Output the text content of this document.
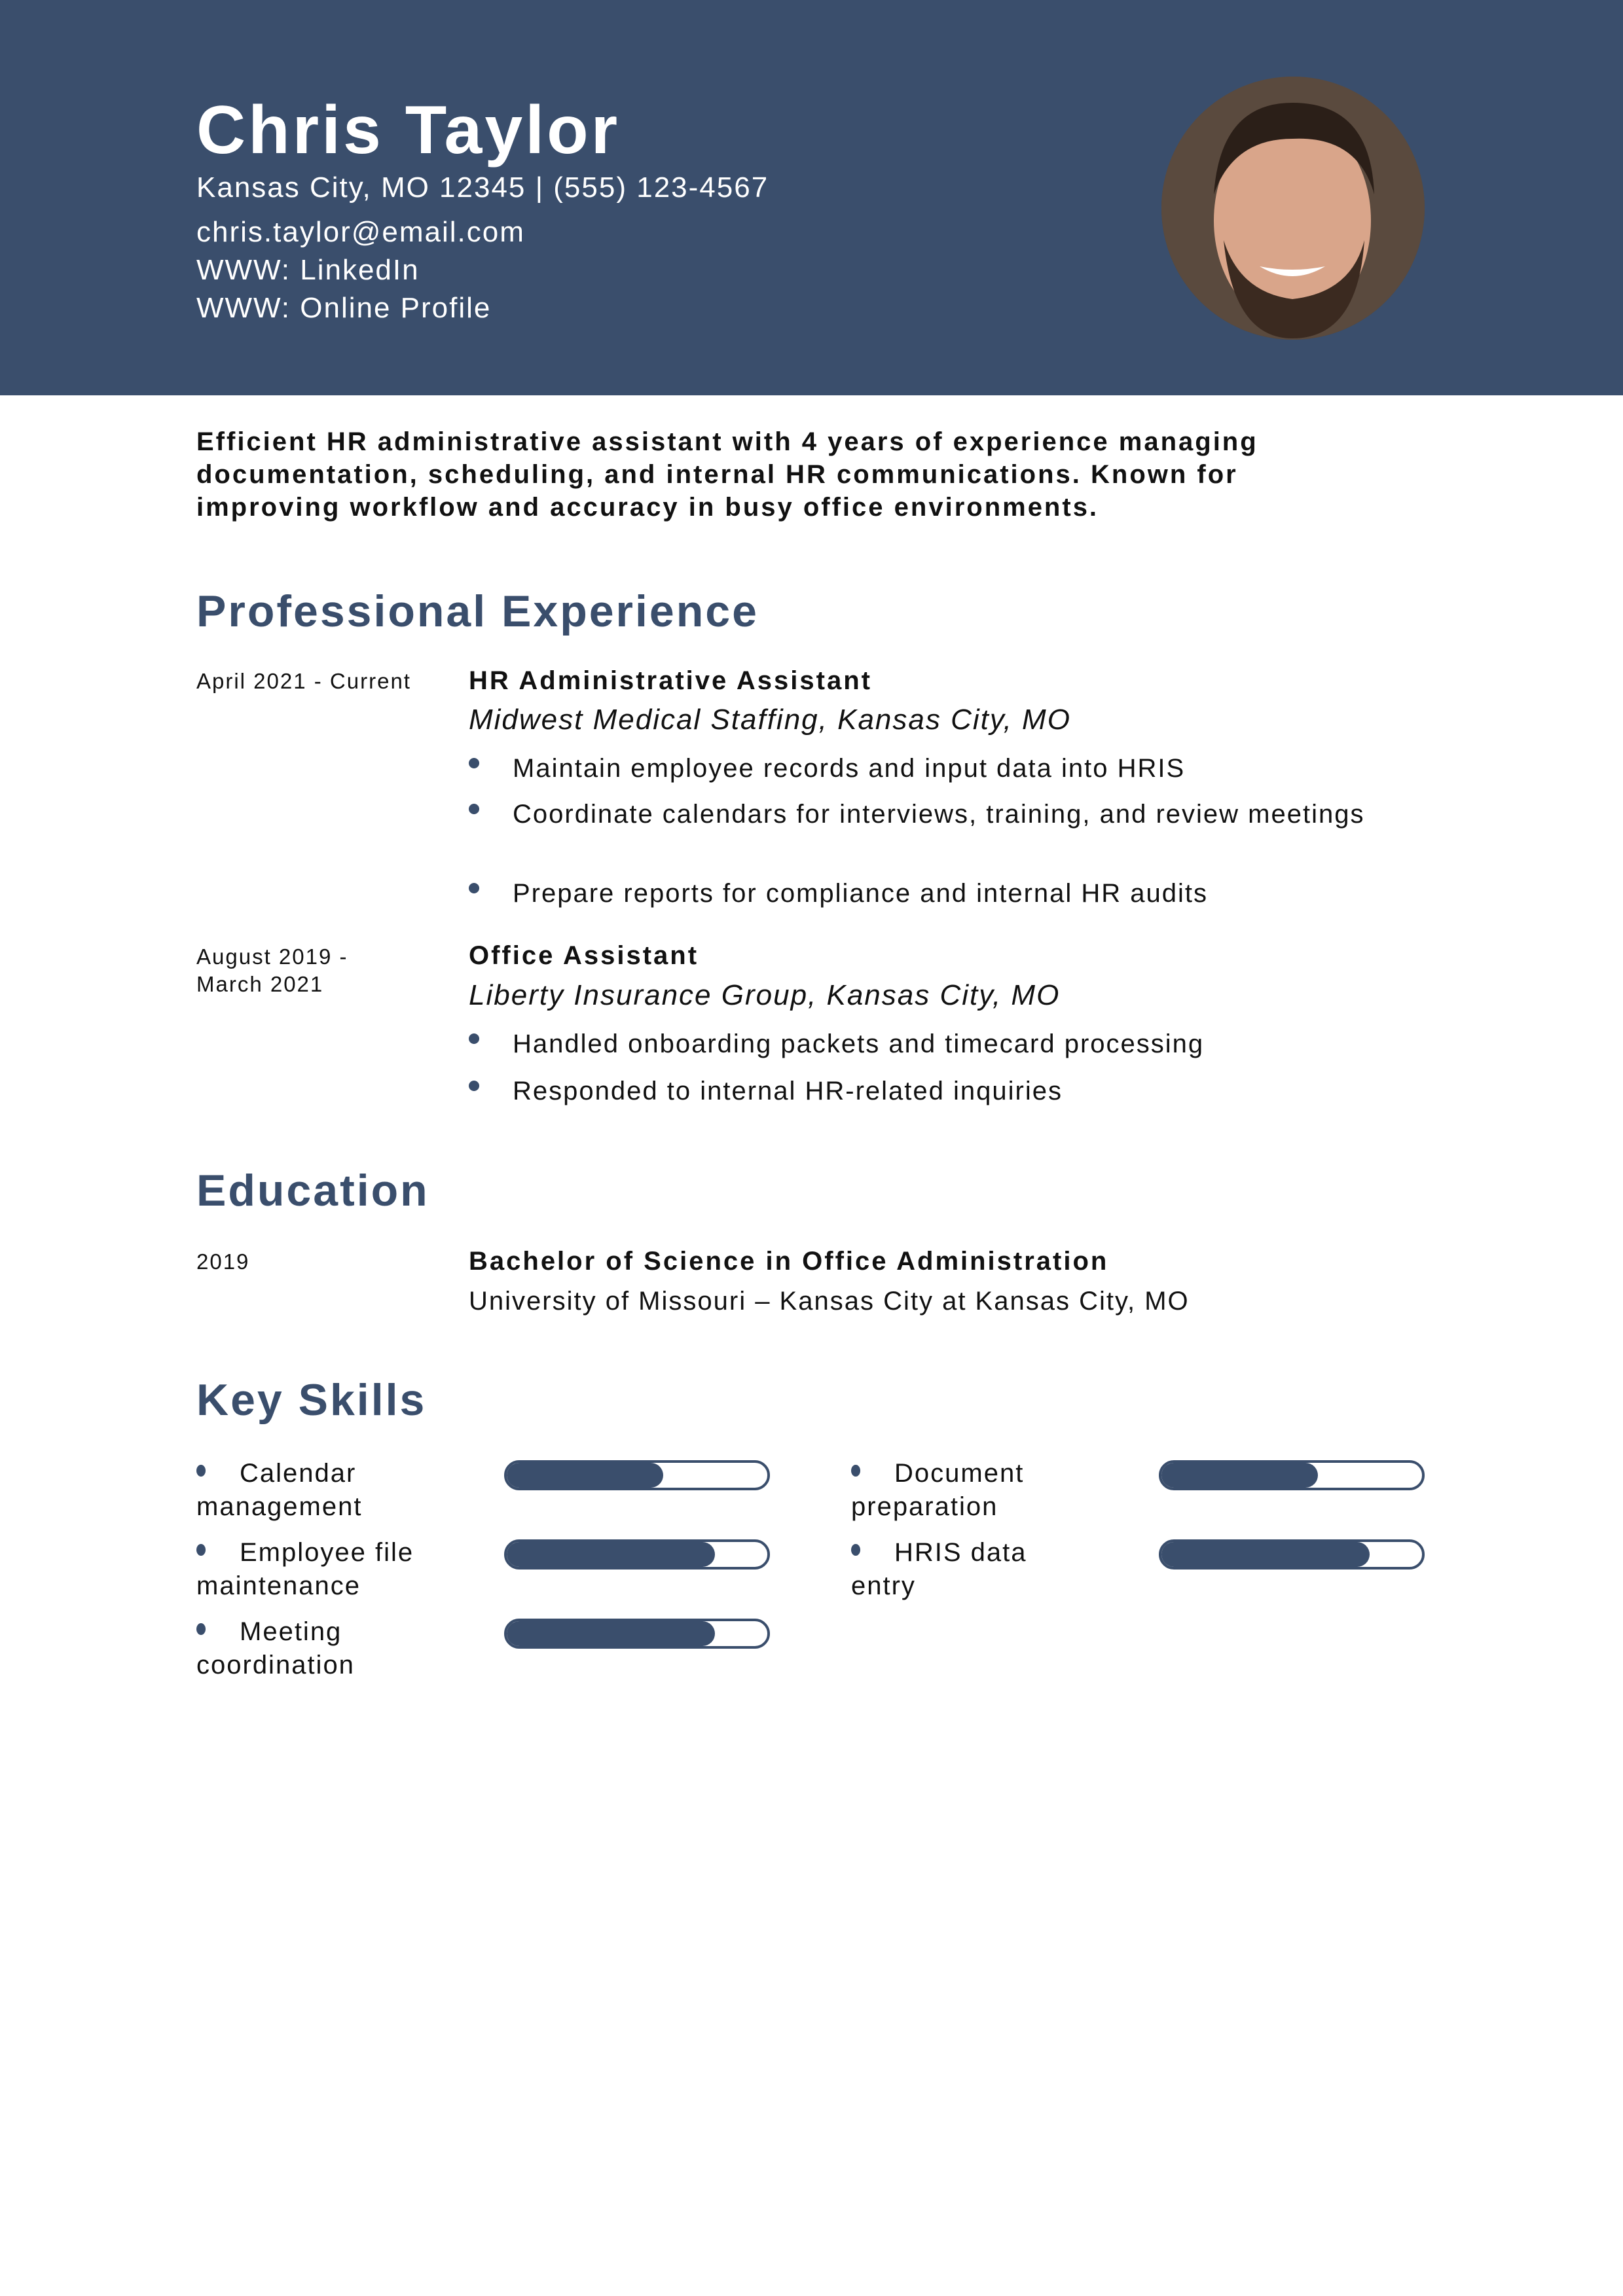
Chris Taylor
Kansas City, MO 12345 | (555) 123-4567
chris.taylor@email.com
WWW: LinkedIn
WWW: Online Profile
Efficient HR administrative assistant with 4 years of experience managing documentation, scheduling, and internal HR communications. Known for improving workflow and accuracy in busy office environments.
Professional Experience
April 2021 - Current HR Administrative Assistant
Midwest Medical Staffing, Kansas City, MO
Maintain employee records and input data into HRIS
Coordinate calendars for interviews, training, and review meetings
Prepare reports for compliance and internal HR audits
August 2019 - March 2021
Office Assistant
Liberty Insurance Group, Kansas City, MO
Handled onboarding packets and timecard processing
Responded to internal HR-related inquiries
Education
2019	Bachelor of Science in Office Administration
University of Missouri – Kansas City at Kansas City, MO
Key Skills
Calendar management
Document preparation
Employee file maintenance
HRIS data entry
Meeting coordination
